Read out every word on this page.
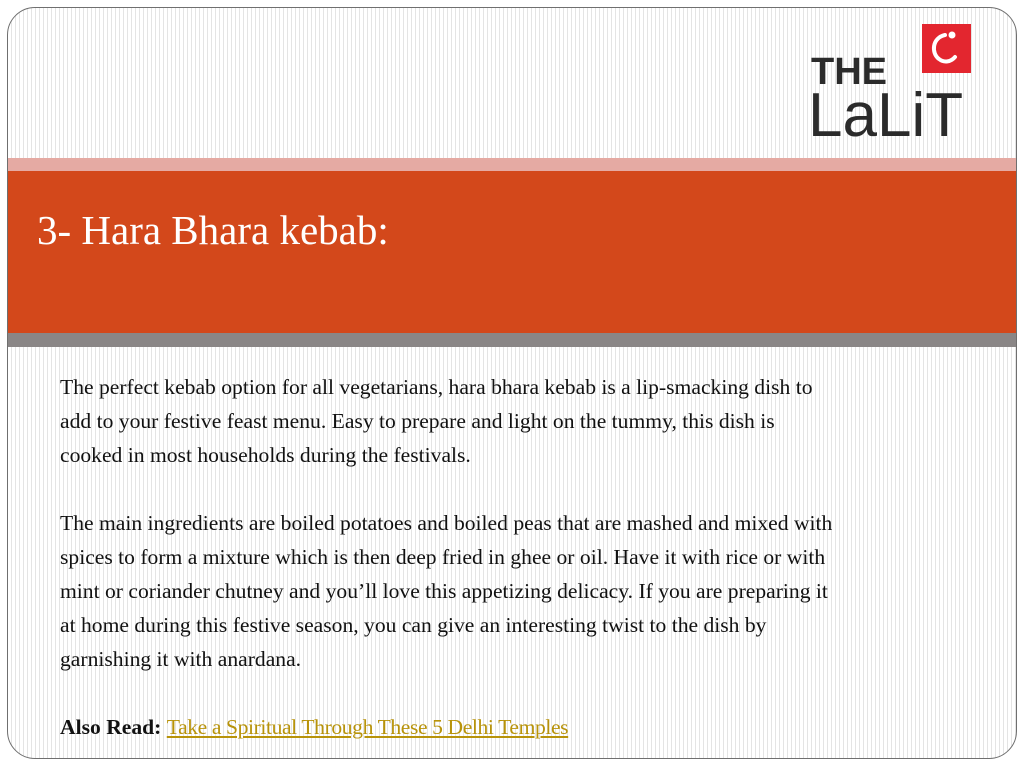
THE
LaLiT
3- Hara Bhara kebab:

The perfect kebab option for all vegetarians, hara bhara kebab is a lip-smacking dish to

add to your festive feast menu. Easy to prepare and light on the tummy, this dish is

cooked in most households during the festivals.

The main ingredients are boiled potatoes and boiled peas that are mashed and mixed with

spices to form a mixture which is then deep fried in ghee or oil. Have it with rice or with

mint or coriander chutney and you’ll love this appetizing delicacy. If you are preparing it

at home during this festive season, you can give an interesting twist to the dish by

garnishing it with anardana.

Also Read: Take a Spiritual Through These 5 Delhi Temples
